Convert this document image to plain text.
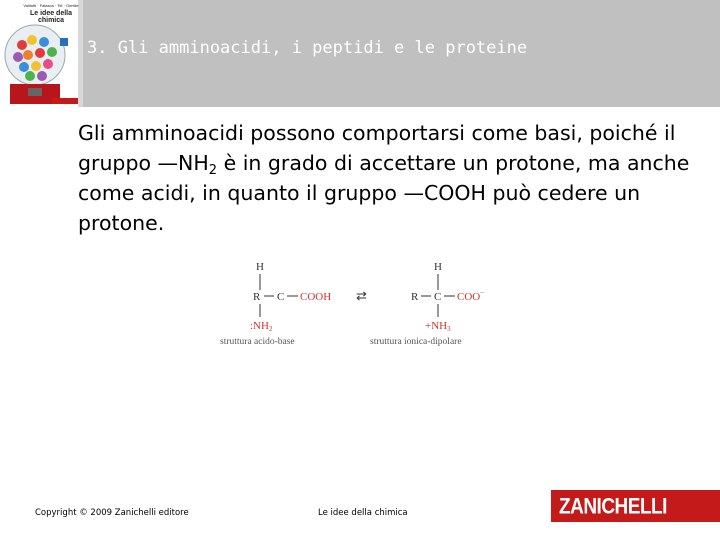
Valitutti · Falasca · Tifi · Gentile
Le idee della chimica
3. Gli amminoacidi, i peptidi e le proteine
Gli amminoacidi possono comportarsi come basi, poiché il gruppo $—NH_2$ è in grado di accettare un protone, ma anche come acidi, in quanto il gruppo —COOH può cedere un protone.
H
R C COOH
:NH2
struttura acido-base
⇄
H
R C COO−
+NH3
struttura ionica-dipolare
Copyright © 2009 Zanichelli editore	Le idee della chimica	ZANICHELLI
